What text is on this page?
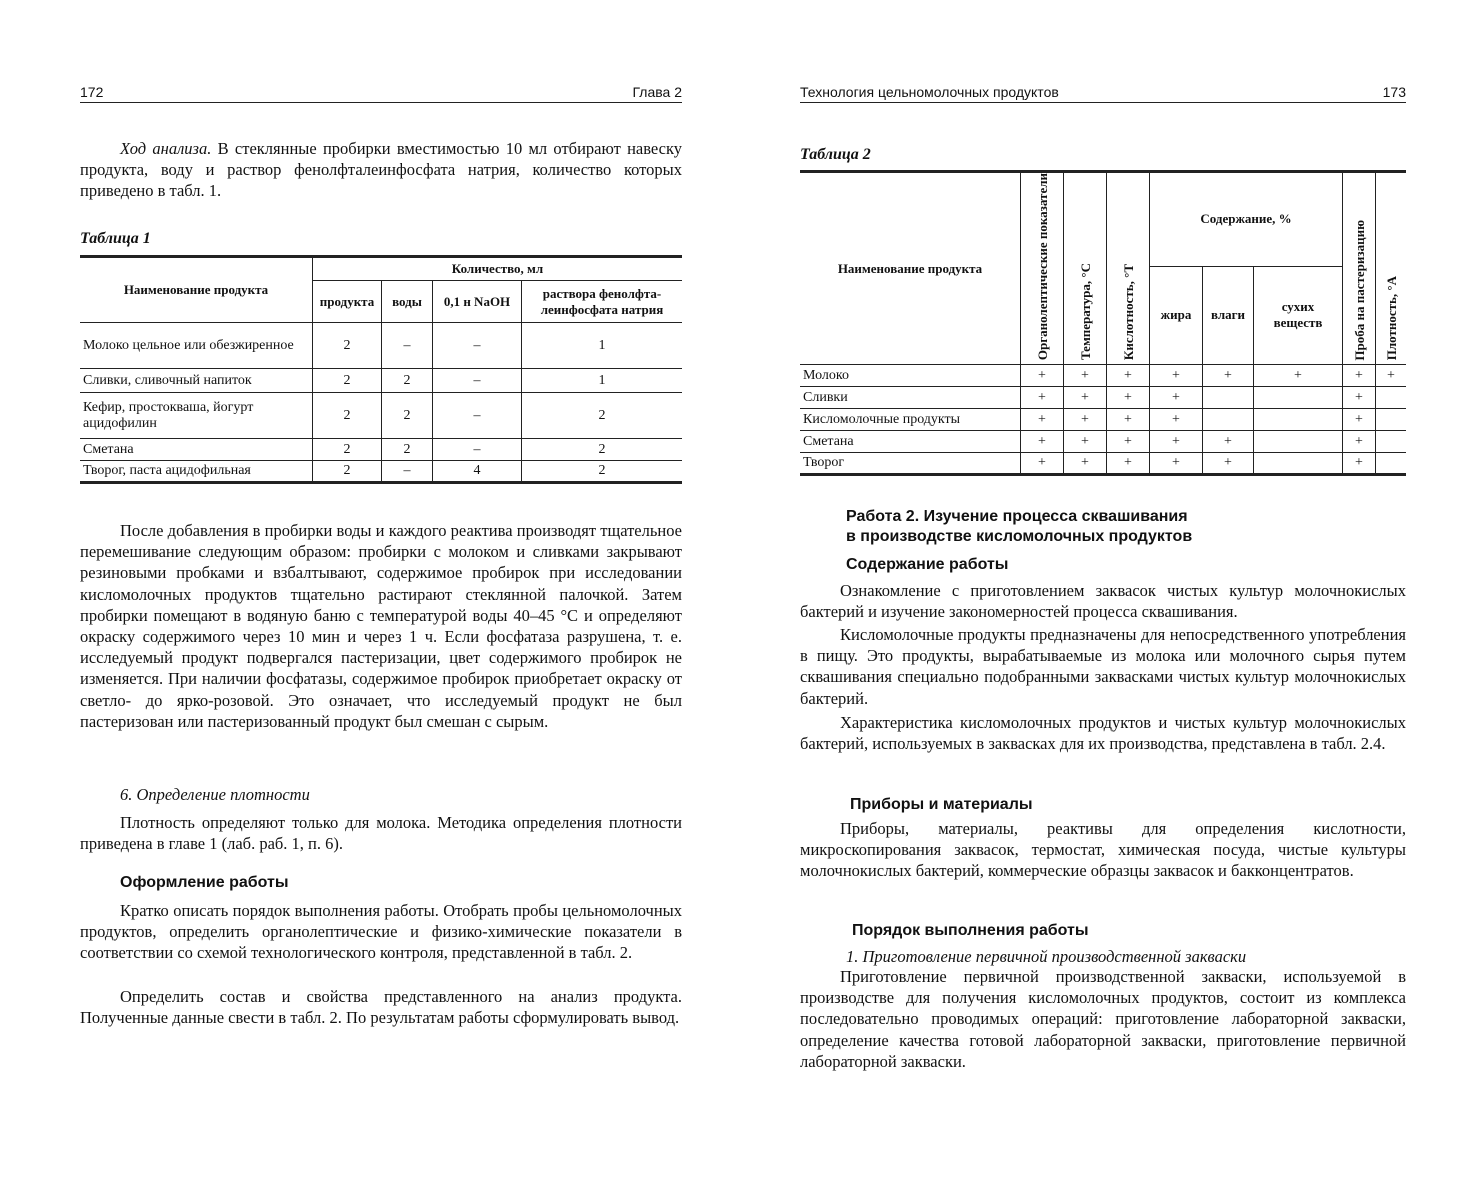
172	Глава 2

Ход анализа. В стеклянные пробирки вместимостью 10 мл отбирают навеску продукта, воду и раствор фенолфталеинфосфата натрия, количество которых приведено в табл. 1.

Таблица 1
Наименование продукта	Количество, мл			
	продукта	воды	0,1 н NaOH	раствора фенолфта-леинфосфата натрия
Молоко цельное или обезжиренное	2	–	–	1
Сливки, сливочный напиток	2	2	–	1
Кефир, простокваша, йогурт ацидофилин	2	2	–	2
Сметана	2	2	–	2
Творог, паста ацидофильная	2	–	4	2

После добавления в пробирки воды и каждого реактива производят тщательное перемешивание следующим образом: пробирки с молоком и сливками закрывают резиновыми пробками и взбалтывают, содержимое пробирок при исследовании кисломолочных продуктов тщательно растирают стеклянной палочкой. Затем пробирки помещают в водяную баню с температурой воды 40–45 °С и определяют окраску содержимого через 10 мин и через 1 ч. Если фосфатаза разрушена, т. е. исследуемый продукт подвергался пастеризации, цвет содержимого пробирок не изменяется. При наличии фосфатазы, содержимое пробирок приобретает окраску от светло- до ярко-розовой. Это означает, что исследуемый продукт не был пастеризован или пастеризованный продукт был смешан с сырым.

6. Определение плотности

Плотность определяют только для молока. Методика определения плотности приведена в главе 1 (лаб. раб. 1, п. 6).

Оформление работы

Кратко описать порядок выполнения работы. Отобрать пробы цельномолочных продуктов, определить органолептические и физико-химические показатели в соответствии со схемой технологического контроля, представленной в табл. 2.

Определить состав и свойства представленного на анализ продукта. Полученные данные свести в табл. 2. По результатам работы сформулировать вывод.

Технология цельномолочных продуктов	173
Таблица 2
Наименование продукта	Органолептические показатели	Температура, °С	Кислотность, °Т	Содержание, %			Проба на пастеризацию	Плотность, °А
				жира	влаги	сухих веществ		
Молоко	+	+	+	+	+	+	+	+
Сливки	+	+	+	+			+	
Кисломолочные продукты	+	+	+	+			+	
Сметана	+	+	+	+	+		+	
Творог	+	+	+	+	+		+	
Работа 2. Изучение процесса сквашивания
в производстве кисломолочных продуктов
Содержание работы

Ознакомление с приготовлением заквасок чистых культур молочнокислых бактерий и изучение закономерностей процесса сквашивания.

Кисломолочные продукты предназначены для непосредственного употребления в пищу. Это продукты, вырабатываемые из молока или молочного сырья путем сквашивания специально подобранными заквасками чистых культур молочнокислых бактерий.

Характеристика кисломолочных продуктов и чистых культур молочнокислых бактерий, используемых в заквасках для их производства, представлена в табл. 2.4.

Приборы и материалы

Приборы, материалы, реактивы для определения кислотности, микроскопирования заквасок, термостат, химическая посуда, чистые культуры молочнокислых бактерий, коммерческие образцы заквасок и бакконцентратов.

Порядок выполнения работы
1. Приготовление первичной производственной закваски

Приготовление первичной производственной закваски, используемой в производстве для получения кисломолочных продуктов, состоит из комплекса последовательно проводимых операций: приготовление лабораторной закваски, определение качества готовой лабораторной закваски, приготовление первичной лабораторной закваски.
